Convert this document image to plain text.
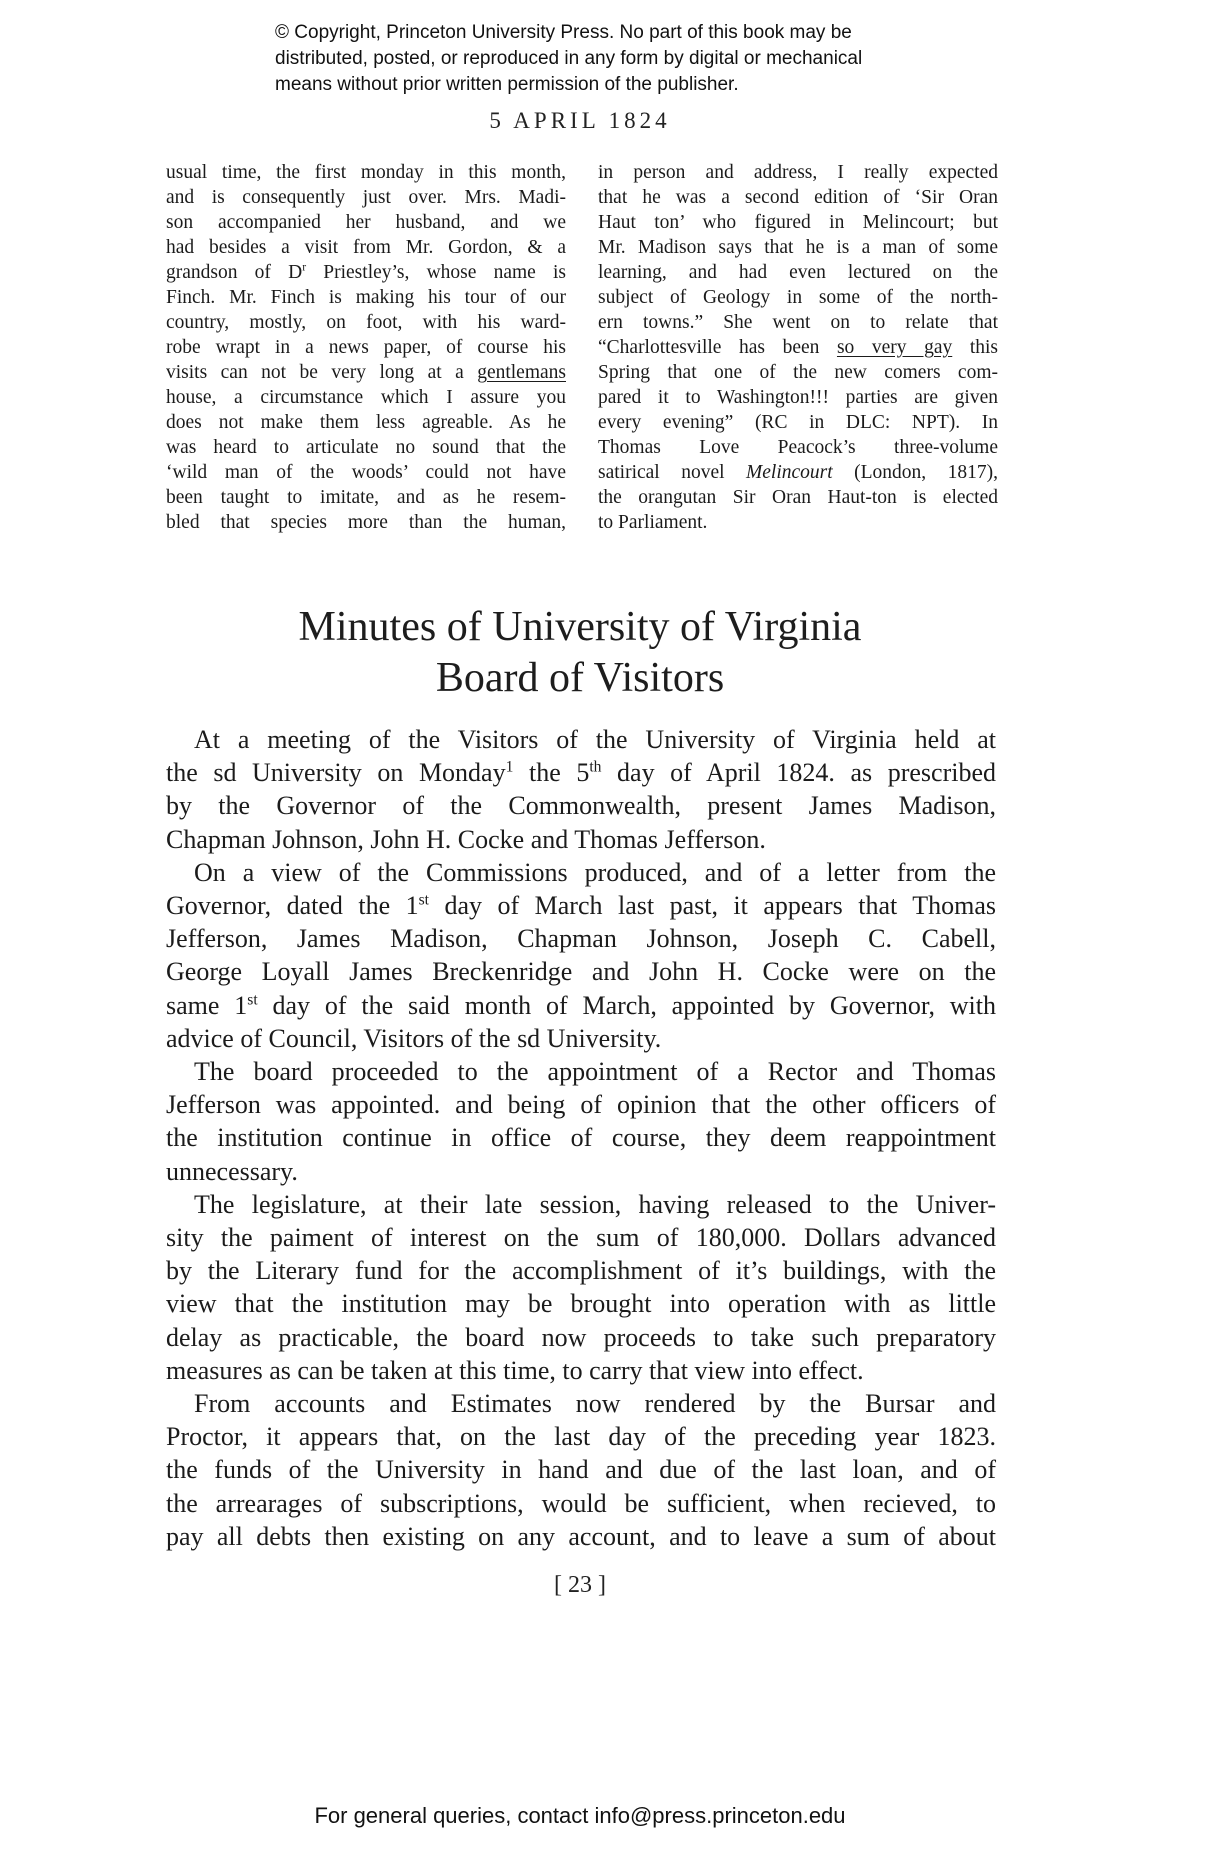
© Copyright, Princeton University Press. No part of this book may be
distributed, posted, or reproduced in any form by digital or mechanical
means without prior written permission of the publisher.
5 APRIL 1824
usual time, the first monday in this month,
and is consequently just over. Mrs. Madi-
son accompanied her husband, and we
had besides a visit from Mr. Gordon, & a
grandson of $D^r$ Priestley’s, whose name is
Finch. Mr. Finch is making his tour of our
country, mostly, on foot, with his ward-
robe wrapt in a news paper, of course his
visits can not be very long at a gentlemans
house, a circumstance which I assure you
does not make them less agreable. As he
was heard to articulate no sound that the
‘wild man of the woods’ could not have
been taught to imitate, and as he resem-
bled that species more than the human,
in person and address, I really expected
that he was a second edition of ‘Sir Oran
Haut ton’ who figured in Melincourt; but
Mr. Madison says that he is a man of some
learning, and had even lectured on the
subject of Geology in some of the north-
ern towns.” She went on to relate that
“Charlottesville has been so very gay this
Spring that one of the new comers com-
pared it to Washington!!! parties are given
every evening” (RC in DLC: NPT). In
Thomas Love Peacock’s three-volume
satirical novel Melincourt (London, 1817),
the orangutan Sir Oran Haut-ton is elected
to Parliament.
Minutes of University of Virginia
Board of Visitors
At a meeting of the Visitors of the University of Virginia held at
the sd University on Monday$^1$ the 5th day of April 1824. as prescribed
by the Governor of the Commonwealth, present James Madison,
Chapman Johnson, John H. Cocke and Thomas Jefferson.
On a view of the Commissions produced, and of a letter from the
Governor, dated the 1st day of March last past, it appears that Thomas
Jefferson, James Madison, Chapman Johnson, Joseph C. Cabell,
George Loyall James Breckenridge and John H. Cocke were on the
same 1st day of the said month of March, appointed by Governor, with
advice of Council, Visitors of the sd University.
The board proceeded to the appointment of a Rector and Thomas
Jefferson was appointed. and being of opinion that the other officers of
the institution continue in office of course, they deem reappointment
unnecessary.
The legislature, at their late session, having released to the Univer-
sity the paiment of interest on the sum of 180,000. Dollars advanced
by the Literary fund for the accomplishment of it’s buildings, with the
view that the institution may be brought into operation with as little
delay as practicable, the board now proceeds to take such preparatory
measures as can be taken at this time, to carry that view into effect.
From accounts and Estimates now rendered by the Bursar and
Proctor, it appears that, on the last day of the preceding year 1823.
the funds of the University in hand and due of the last loan, and of
the arrearages of subscriptions, would be sufficient, when recieved, to
pay all debts then existing on any account, and to leave a sum of about
[ 23 ]
For general queries, contact info@press.princeton.edu
